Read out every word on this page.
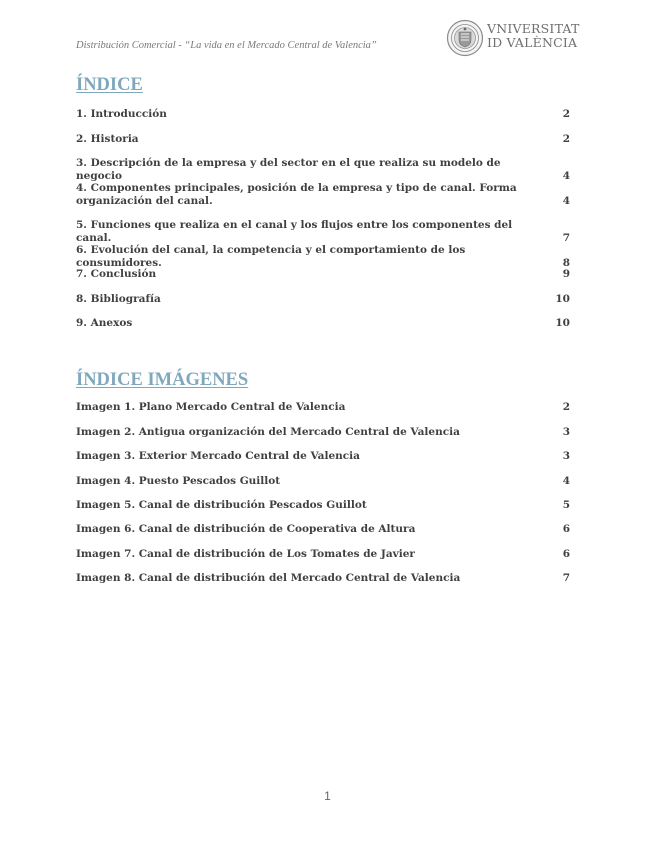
Distribución Comercial - “La vida en el Mercado Central de Valencia”
VNIVERSITAT
ID VALÈNCIA
ÍNDICE
1. Introducción	2
2. Historia	2
3. Descripción de la empresa y del sector en el que realiza su modelo de negocio	4
4. Componentes principales, posición de la empresa y tipo de canal. Forma organización del canal.	4
5. Funciones que realiza en el canal y los flujos entre los componentes del canal.	7
6. Evolución del canal, la competencia y el comportamiento de los consumidores.	8
7. Conclusión	9
8. Bibliografía	10
9. Anexos	10
ÍNDICE IMÁGENES
Imagen 1. Plano Mercado Central de Valencia	2
Imagen 2. Antigua organización del Mercado Central de Valencia	3
Imagen 3. Exterior Mercado Central de Valencia	3
Imagen 4. Puesto Pescados Guillot	4
Imagen 5. Canal de distribución Pescados Guillot	5
Imagen 6. Canal de distribución de Cooperativa de Altura	6
Imagen 7. Canal de distribución de Los Tomates de Javier	6
Imagen 8. Canal de distribución del Mercado Central de Valencia	7
1
